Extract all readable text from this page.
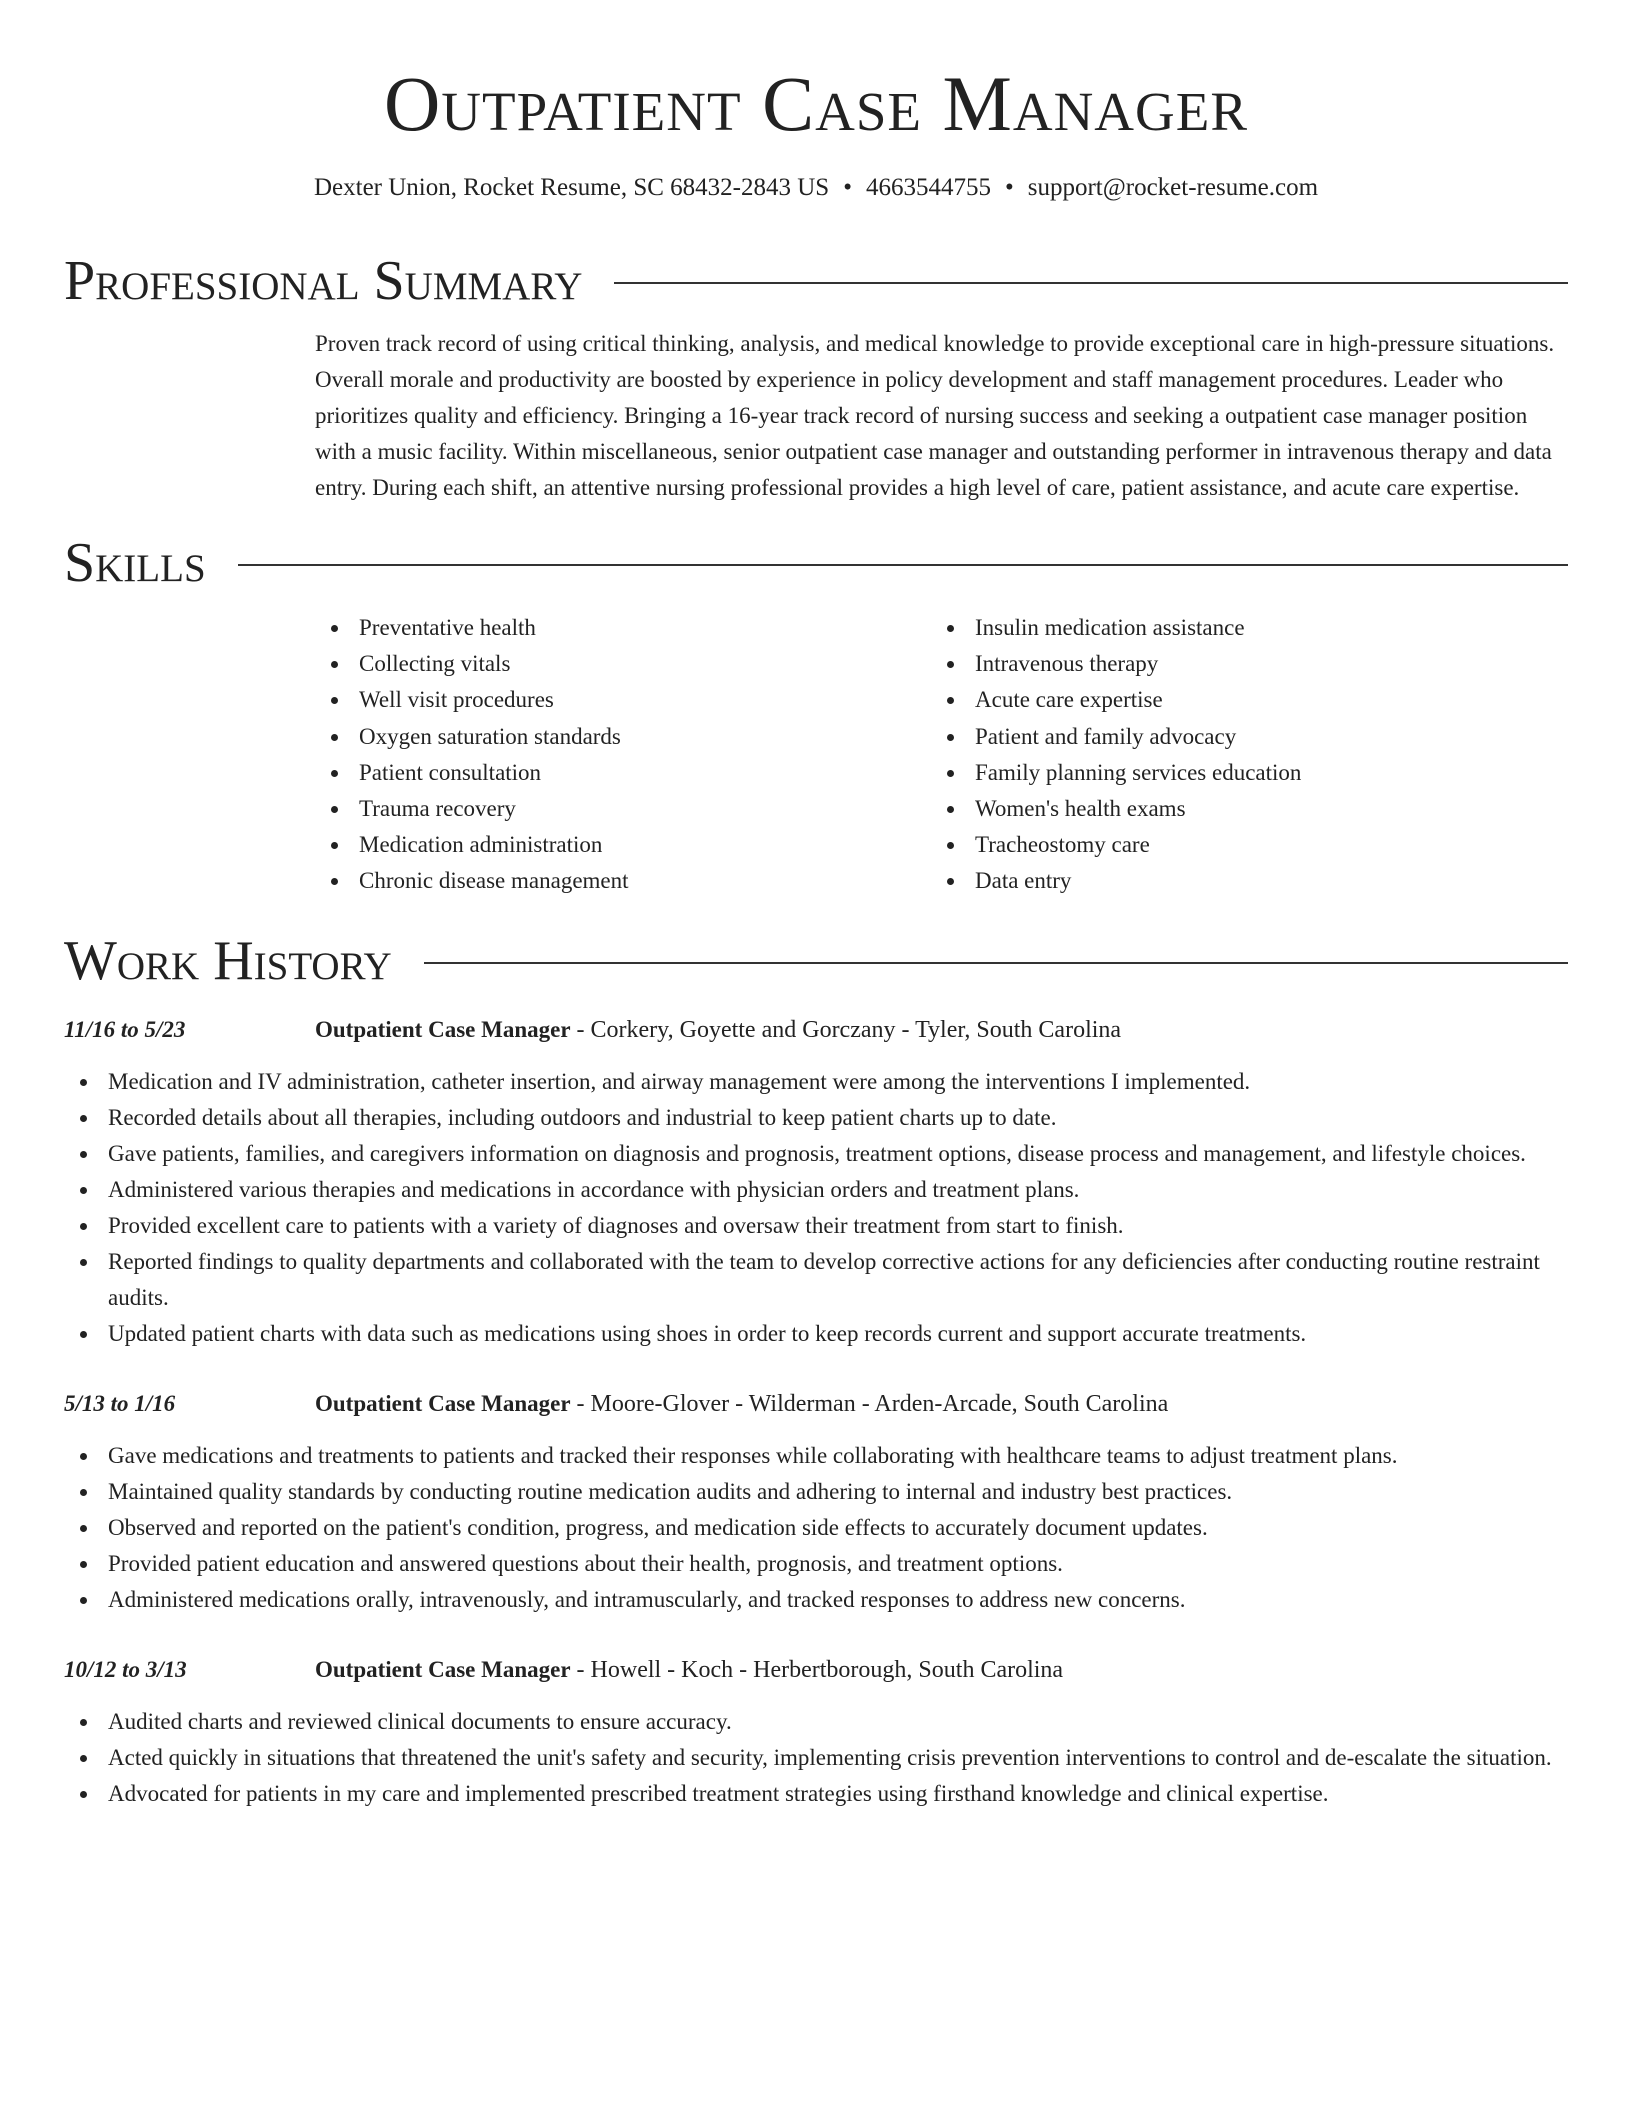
Outpatient Case Manager
Dexter Union, Rocket Resume, SC 68432-2843 US • 4663544755 • support@rocket-resume.com
Professional Summary
Proven track record of using critical thinking, analysis, and medical knowledge to provide exceptional care in high-pressure situations. Overall morale and productivity are boosted by experience in policy development and staff management procedures. Leader who prioritizes quality and efficiency. Bringing a 16-year track record of nursing success and seeking a outpatient case manager position with a music facility. Within miscellaneous, senior outpatient case manager and outstanding performer in intravenous therapy and data entry. During each shift, an attentive nursing professional provides a high level of care, patient assistance, and acute care expertise.
Skills
Preventative health
Collecting vitals
Well visit procedures
Oxygen saturation standards
Patient consultation
Trauma recovery
Medication administration
Chronic disease management
Insulin medication assistance
Intravenous therapy
Acute care expertise
Patient and family advocacy
Family planning services education
Women's health exams
Tracheostomy care
Data entry
Work History
11/16 to 5/23	Outpatient Case Manager - Corkery, Goyette and Gorczany - Tyler, South Carolina
Medication and IV administration, catheter insertion, and airway management were among the interventions I implemented.
Recorded details about all therapies, including outdoors and industrial to keep patient charts up to date.
Gave patients, families, and caregivers information on diagnosis and prognosis, treatment options, disease process and management, and lifestyle choices.
Administered various therapies and medications in accordance with physician orders and treatment plans.
Provided excellent care to patients with a variety of diagnoses and oversaw their treatment from start to finish.
Reported findings to quality departments and collaborated with the team to develop corrective actions for any deficiencies after conducting routine restraint audits.
Updated patient charts with data such as medications using shoes in order to keep records current and support accurate treatments.
5/13 to 1/16	Outpatient Case Manager - Moore-Glover - Wilderman - Arden-Arcade, South Carolina
Gave medications and treatments to patients and tracked their responses while collaborating with healthcare teams to adjust treatment plans.
Maintained quality standards by conducting routine medication audits and adhering to internal and industry best practices.
Observed and reported on the patient's condition, progress, and medication side effects to accurately document updates.
Provided patient education and answered questions about their health, prognosis, and treatment options.
Administered medications orally, intravenously, and intramuscularly, and tracked responses to address new concerns.
10/12 to 3/13	Outpatient Case Manager - Howell - Koch - Herbertborough, South Carolina
Audited charts and reviewed clinical documents to ensure accuracy.
Acted quickly in situations that threatened the unit's safety and security, implementing crisis prevention interventions to control and de-escalate the situation.
Advocated for patients in my care and implemented prescribed treatment strategies using firsthand knowledge and clinical expertise.
